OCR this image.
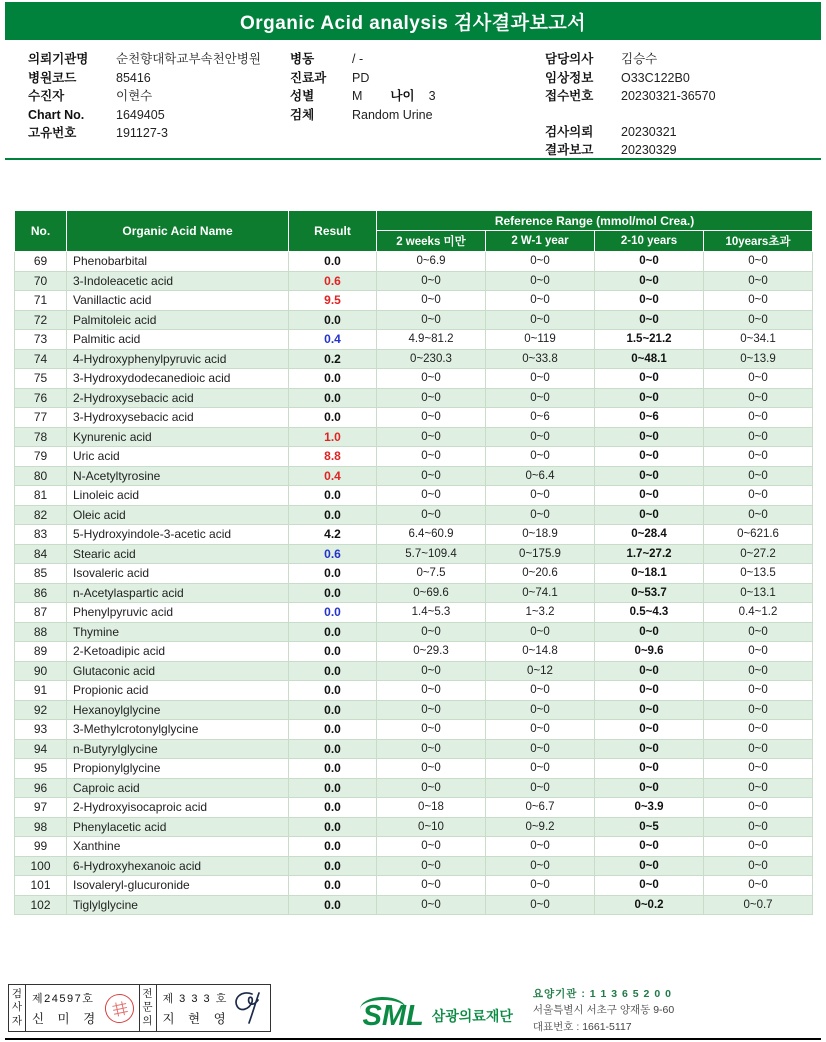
Organic Acid analysis 검사결과보고서
의뢰기관명	순천향대학교부속천안병원
병원코드	85416
수진자	이현수
Chart No.	1649405
고유번호	191127-3
병동	/ -
진료과	PD
성별	M	나이	3
검체	Random Urine
담당의사	김승수
임상정보	O33C122B0
접수번호	20230321-36570
검사의뢰	20230321
결과보고	20230329
No.	Organic Acid Name	Result	Reference Range (mmol/mol Crea.)			
			2 weeks 미만	2 W-1 year	2-10 years	10years초과
69	Phenobarbital	0.0	0~6.9	0~0	0~0	0~0
70	3-Indoleacetic acid	0.6	0~0	0~0	0~0	0~0
71	Vanillactic acid	9.5	0~0	0~0	0~0	0~0
72	Palmitoleic acid	0.0	0~0	0~0	0~0	0~0
73	Palmitic acid	0.4	4.9~81.2	0~119	1.5~21.2	0~34.1
74	4-Hydroxyphenylpyruvic acid	0.2	0~230.3	0~33.8	0~48.1	0~13.9
75	3-Hydroxydodecanedioic acid	0.0	0~0	0~0	0~0	0~0
76	2-Hydroxysebacic acid	0.0	0~0	0~0	0~0	0~0
77	3-Hydroxysebacic acid	0.0	0~0	0~6	0~6	0~0
78	Kynurenic acid	1.0	0~0	0~0	0~0	0~0
79	Uric acid	8.8	0~0	0~0	0~0	0~0
80	N-Acetyltyrosine	0.4	0~0	0~6.4	0~0	0~0
81	Linoleic acid	0.0	0~0	0~0	0~0	0~0
82	Oleic acid	0.0	0~0	0~0	0~0	0~0
83	5-Hydroxyindole-3-acetic acid	4.2	6.4~60.9	0~18.9	0~28.4	0~621.6
84	Stearic acid	0.6	5.7~109.4	0~175.9	1.7~27.2	0~27.2
85	Isovaleric acid	0.0	0~7.5	0~20.6	0~18.1	0~13.5
86	n-Acetylaspartic acid	0.0	0~69.6	0~74.1	0~53.7	0~13.1
87	Phenylpyruvic acid	0.0	1.4~5.3	1~3.2	0.5~4.3	0.4~1.2
88	Thymine	0.0	0~0	0~0	0~0	0~0
89	2-Ketoadipic acid	0.0	0~29.3	0~14.8	0~9.6	0~0
90	Glutaconic acid	0.0	0~0	0~12	0~0	0~0
91	Propionic acid	0.0	0~0	0~0	0~0	0~0
92	Hexanoylglycine	0.0	0~0	0~0	0~0	0~0
93	3-Methylcrotonylglycine	0.0	0~0	0~0	0~0	0~0
94	n-Butyrylglycine	0.0	0~0	0~0	0~0	0~0
95	Propionylglycine	0.0	0~0	0~0	0~0	0~0
96	Caproic acid	0.0	0~0	0~0	0~0	0~0
97	2-Hydroxyisocaproic acid	0.0	0~18	0~6.7	0~3.9	0~0
98	Phenylacetic acid	0.0	0~10	0~9.2	0~5	0~0
99	Xanthine	0.0	0~0	0~0	0~0	0~0
100	6-Hydroxyhexanoic acid	0.0	0~0	0~0	0~0	0~0
101	Isovaleryl-glucuronide	0.0	0~0	0~0	0~0	0~0
102	Tiglylglycine	0.0	0~0	0~0	0~0.2	0~0.7
검사자
제24597호
신 미 경
전문의
제 3 3 3 호
지 현 영	SML 삼광의료재단
요양기관 : 1 1 3 6 5 2 0 0
서울특별시 서초구 양재동 9-60
대표번호 : 1661-5117
